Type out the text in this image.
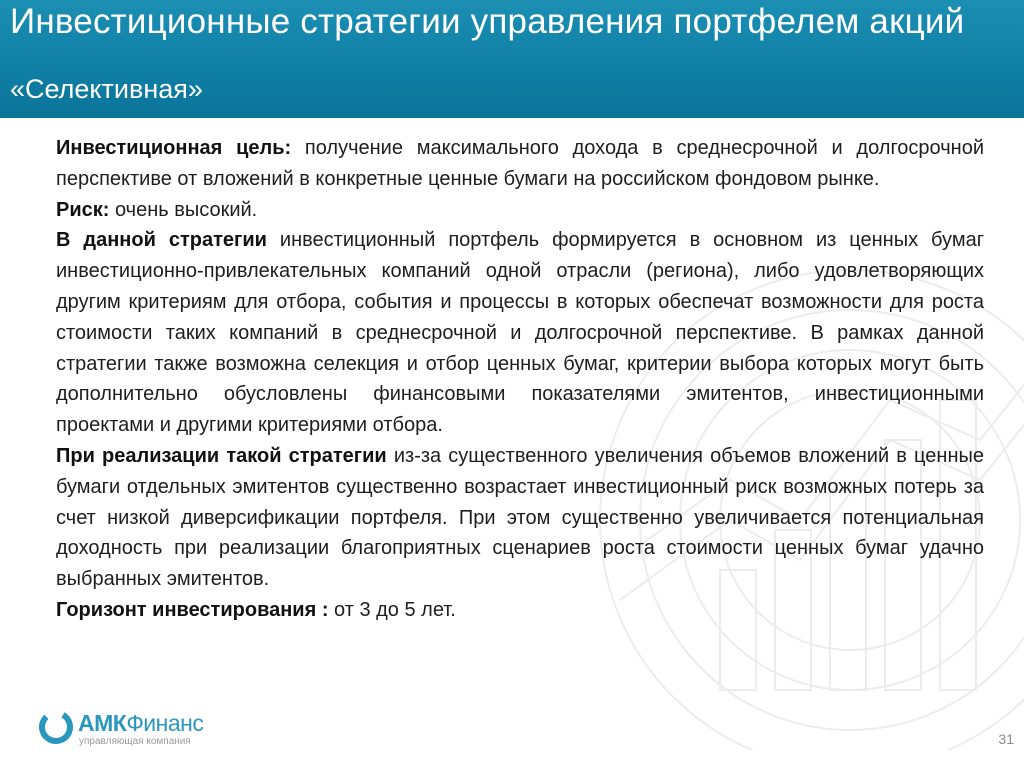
Инвестиционные стратегии управления портфелем акций
«Селективная»

Инвестиционная цель: получение максимального дохода в среднесрочной и долгосрочной перспективе от вложений в конкретные ценные бумаги на российском фондовом рынке.

Риск: очень высокий.

В данной стратегии инвестиционный портфель формируется в основном из ценных бумаг инвестиционно-привлекательных компаний одной отрасли (региона), либо удовлетворяющих другим критериям для отбора, события и процессы в которых обеспечат возможности для роста стоимости таких компаний в среднесрочной и долгосрочной перспективе. В рамках данной стратегии также возможна селекция и отбор ценных бумаг, критерии выбора которых могут быть дополнительно обусловлены финансовыми показателями эмитентов, инвестиционными проектами и другими критериями отбора.

При реализации такой стратегии из-за существенного увеличения объемов вложений в ценные бумаги отдельных эмитентов существенно возрастает инвестиционный риск возможных потерь за счет низкой диверсификации портфеля. При этом существенно увеличивается потенциальная доходность при реализации благоприятных сценариев роста стоимости ценных бумаг удачно выбранных эмитентов.

Горизонт инвестирования : от 3 до 5 лет.

АМКФинанс
управляющая компания	31
